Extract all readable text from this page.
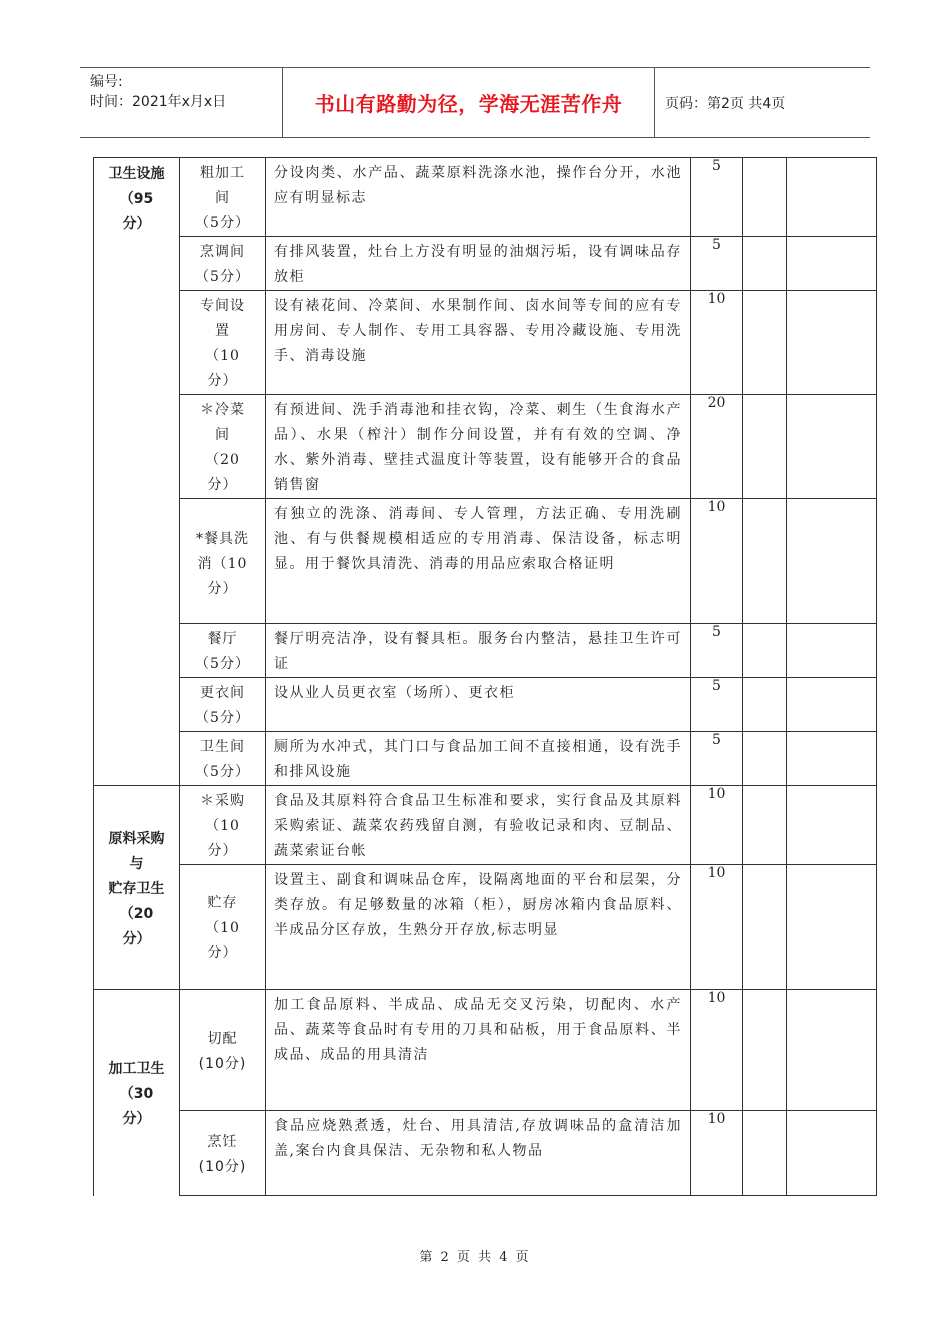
编号:
时间：2021年x月x日	书山有路勤为径，学海无涯苦作舟	页码：第2页 共4页
卫生设施
（95
分）	粗加工
间
（5分）	分设肉类、水产品、蔬菜原料洗涤水池，操作台分开，水池应有明显标志	5		
	烹调间
（5分）	有排风装置，灶台上方没有明显的油烟污垢，设有调味品存放柜	5		
	专间设
置
（10
分）	设有裱花间、冷菜间、水果制作间、卤水间等专间的应有专用房间、专人制作、专用工具容器、专用冷藏设施、专用洗手、消毒设施	10		
	＊冷菜
间
（20
分）	有预进间、洗手消毒池和挂衣钩，冷菜、刺生（生食海水产品）、水果（榨汁）制作分间设置，并有有效的空调、净水、紫外消毒、壁挂式温度计等装置，设有能够开合的食品销售窗	20		
	*餐具洗
消（10
分）	有独立的洗涤、消毒间、专人管理，方法正确、专用洗刷池、有与供餐规模相适应的专用消毒、保洁设备，标志明显。用于餐饮具清洗、消毒的用品应索取合格证明	10		
	餐厅
（5分）	餐厅明亮洁净，设有餐具柜。服务台内整洁，悬挂卫生许可证	5		
	更衣间
（5分）	设从业人员更衣室（场所）、更衣柜	5		
	卫生间
（5分）	厕所为水冲式，其门口与食品加工间不直接相通，设有洗手和排风设施	5		
原料采购
与
贮存卫生
（20
分）	＊采购
（10
分）	食品及其原料符合食品卫生标准和要求，实行食品及其原料采购索证、蔬菜农药残留自测，有验收记录和肉、豆制品、蔬菜索证台帐	10		
	贮存
（10
分）	设置主、副食和调味品仓库，设隔离地面的平台和层架，分类存放。有足够数量的冰箱（柜），厨房冰箱内食品原料、半成品分区存放，生熟分开存放,标志明显	10		
加工卫生
（30
分）	切配
(10分)	加工食品原料、半成品、成品无交叉污染，切配肉、水产品、蔬菜等食品时有专用的刀具和砧板，用于食品原料、半成品、成品的用具清洁	10		
	烹饪
(10分)	食品应烧熟煮透，灶台、用具清洁,存放调味品的盒清洁加盖,案台内食具保洁、无杂物和私人物品	10		
第 2 页 共 4 页
